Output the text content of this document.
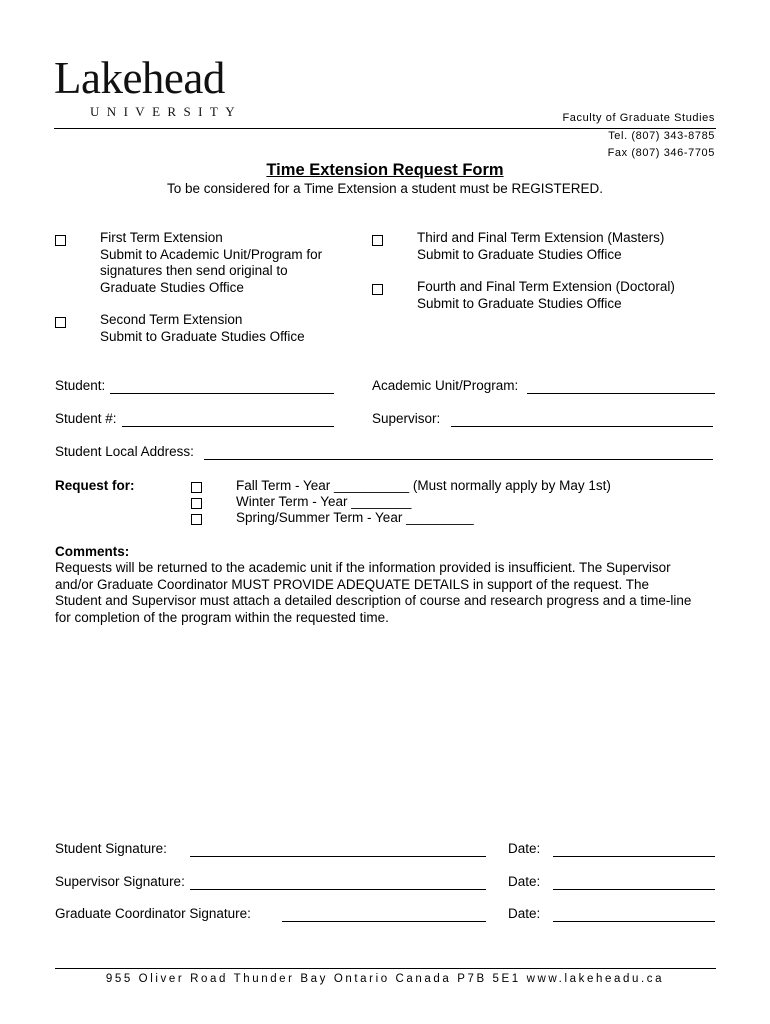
Lakehead
UNIVERSITY	Faculty of Graduate Studies
Tel. (807) 343-8785
Fax (807) 346-7705
Time Extension Request Form
To be considered for a Time Extension a student must be REGISTERED.
First Term Extension
Submit to Academic Unit/Program for
signatures then send original to
Graduate Studies Office
Second Term Extension
Submit to Graduate Studies Office
Third and Final Term Extension (Masters)
Submit to Graduate Studies Office
Fourth and Final Term Extension (Doctoral)
Submit to Graduate Studies Office
Student:	Academic Unit/Program:
Student #:	Supervisor:
Student Local Address:
Request for:	Fall Term - Year __________ (Must normally apply by May 1st)
Winter Term - Year ________
Spring/Summer Term - Year _________
Comments:
Requests will be returned to the academic unit if the information provided is insufficient. The Supervisor
and/or Graduate Coordinator MUST PROVIDE ADEQUATE DETAILS in support of the request. The
Student and Supervisor must attach a detailed description of course and research progress and a time-line
for completion of the program within the requested time.
Student Signature:	Date:
Supervisor Signature:	Date:
Graduate Coordinator Signature:	Date:
955 Oliver Road Thunder Bay Ontario Canada P7B 5E1 www.lakeheadu.ca
